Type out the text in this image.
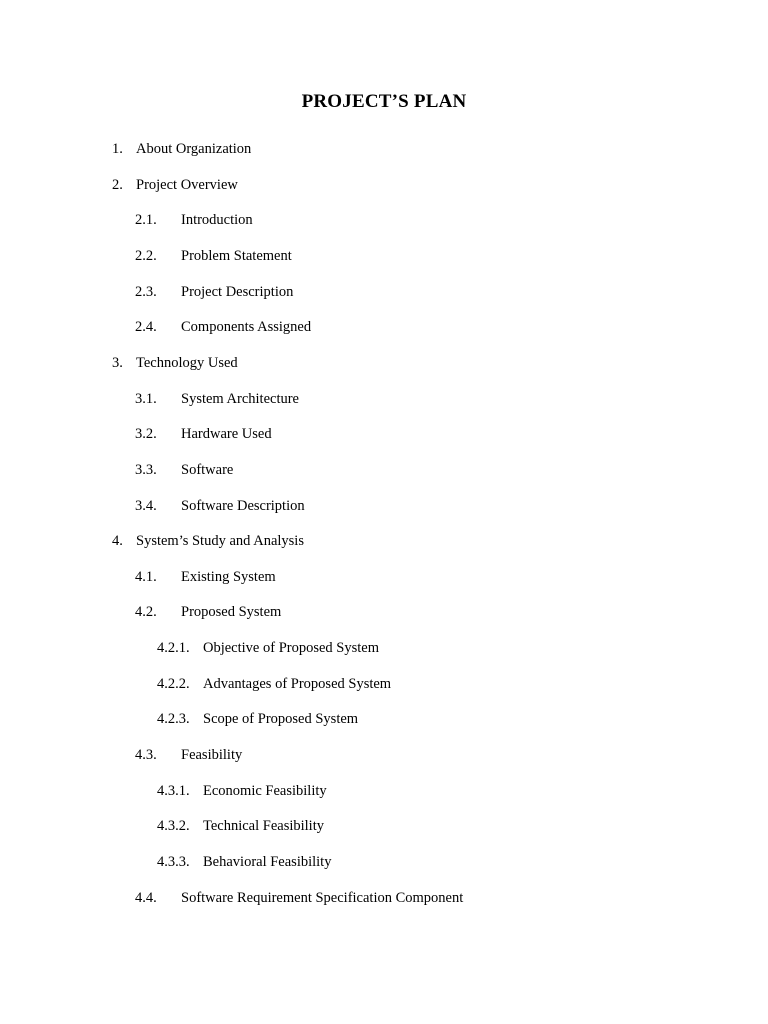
PROJECT’S PLAN
1. About Organization
2. Project Overview
2.1. Introduction
2.2. Problem Statement
2.3. Project Description
2.4. Components Assigned
3. Technology Used
3.1. System Architecture
3.2. Hardware Used
3.3. Software
3.4. Software Description
4. System’s Study and Analysis
4.1. Existing System
4.2. Proposed System
4.2.1. Objective of Proposed System
4.2.2. Advantages of Proposed System
4.2.3. Scope of Proposed System
4.3. Feasibility
4.3.1. Economic Feasibility
4.3.2. Technical Feasibility
4.3.3. Behavioral Feasibility
4.4. Software Requirement Specification Component
